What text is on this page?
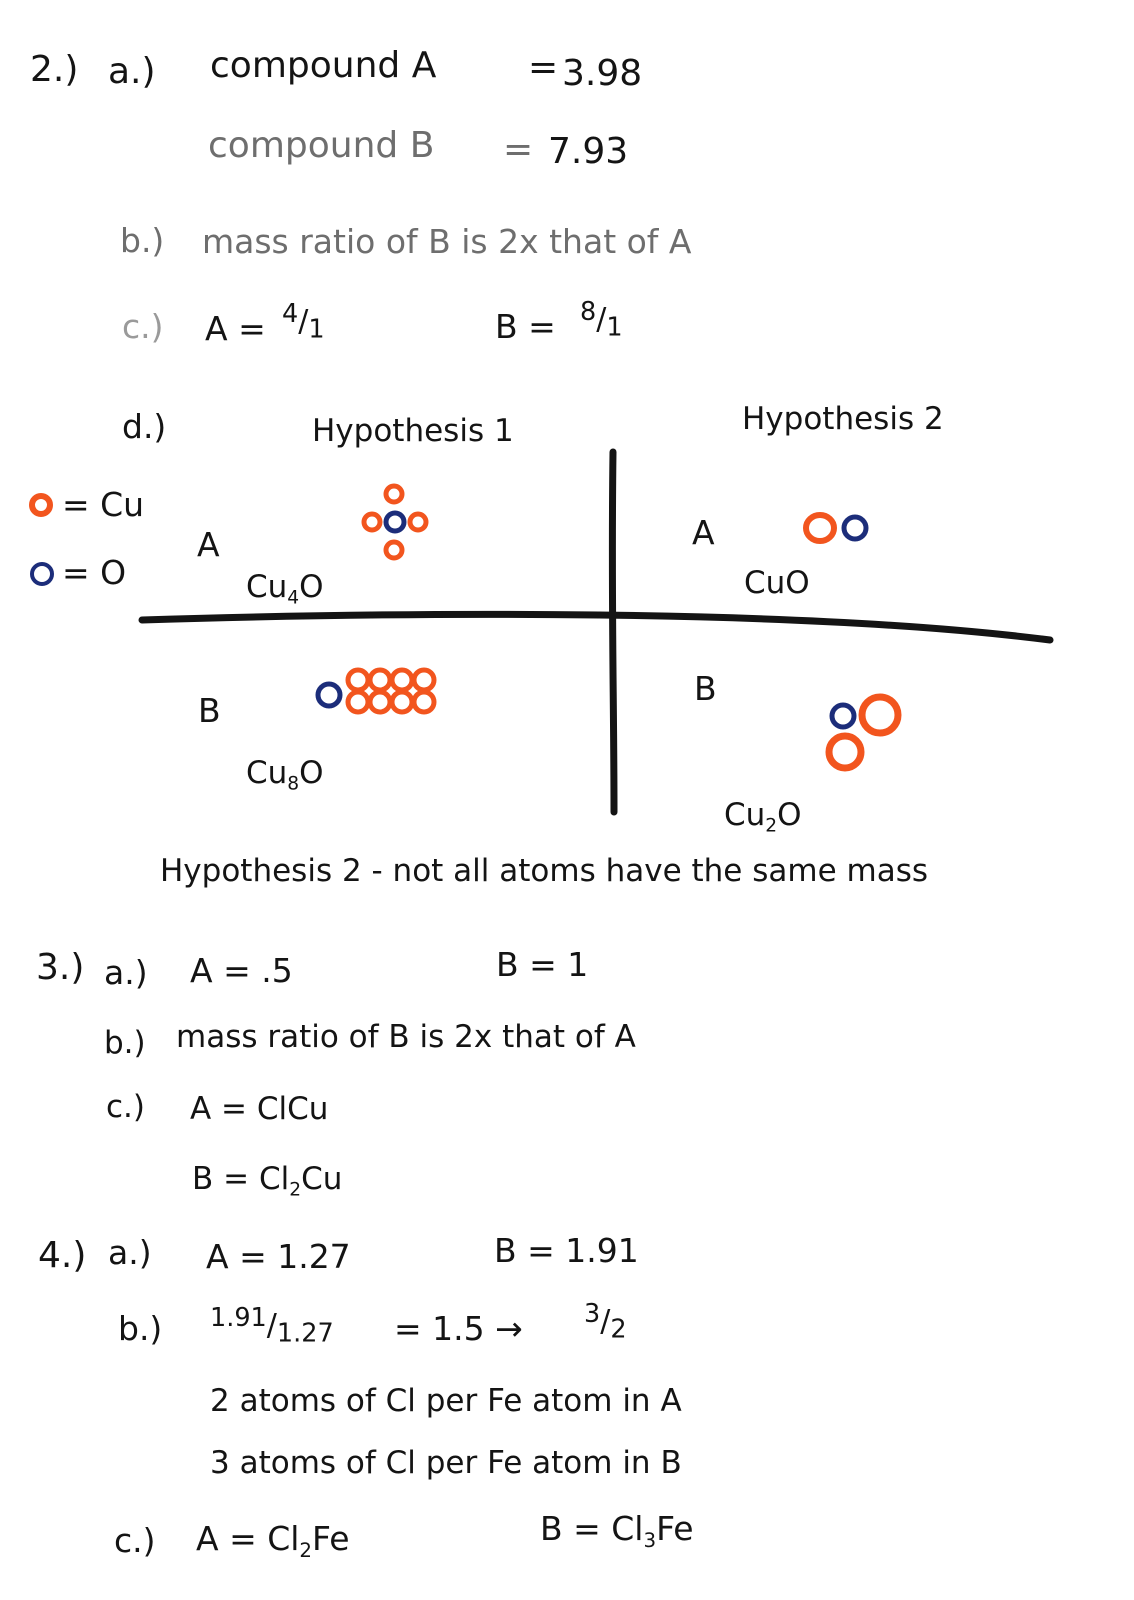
2.) a.) compound A	= 3.98
compound B = 7.93
b.) mass ratio of B is 2x that of A
c.) $A = ^4/_1$	$B = ^8/_1$
d.)	Hypothesis 1	Hypothesis 2
= Cu
= O
A
$Cu_4O$
B
$Cu_8O$
A
CuO
B
$Cu_2O$
Hypothesis 2 - not all atoms have the same mass
3.) a.) A = .5	B = 1
b.) mass ratio of B is 2x that of A
c.) A = ClCu
$B = Cl_2Cu$
4.) a.) A = 1.27	B = 1.91
b.) $^{1.91}/_{1.27} = 1.5 \to ^3/_2$
2 atoms of Cl per Fe atom in A
3 atoms of Cl per Fe atom in B
c.) $A = Cl_2Fe$	$B = Cl_3Fe$
